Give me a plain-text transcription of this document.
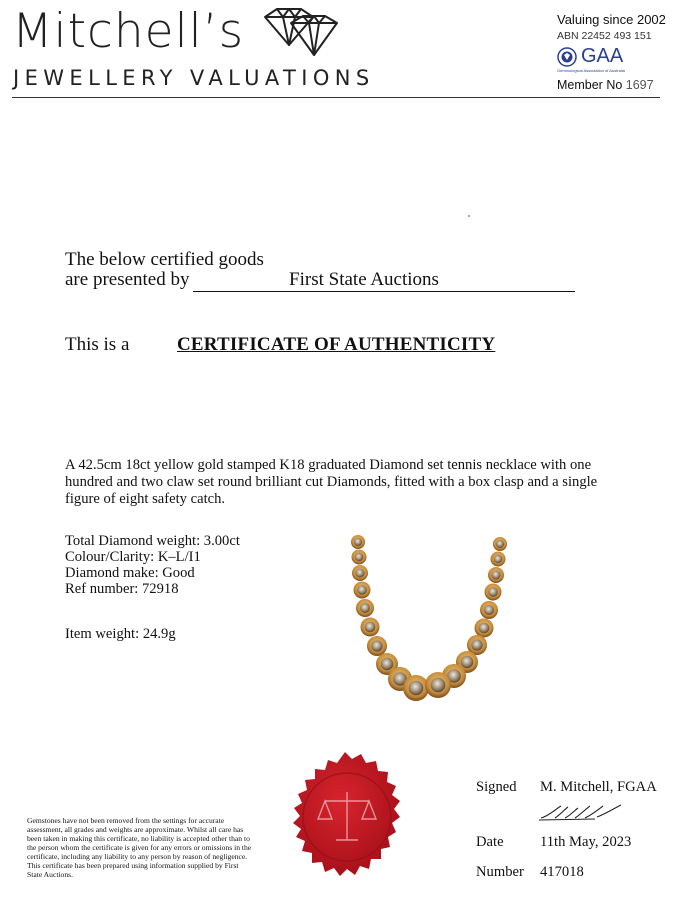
Mitchell’s
JEWELLERY VALUATIONS
Valuing since 2002
ABN 22452 493 151
GAA
Gemmological Association of Australia
Member No 1697
The below certified goods
are presented by	First State Auctions
This is a	CERTIFICATE OF AUTHENTICITY
A 42.5cm 18ct yellow gold stamped K18 graduated Diamond set tennis necklace with one hundred and two claw set round brilliant cut Diamonds, fitted with a box clasp and a single figure of eight safety catch.
Total Diamond weight: 3.00ct
Colour/Clarity: K–L/I1
Diamond make: Good
Ref number: 72918
Item weight: 24.9g
Gemstones have not been removed from the settings for accurate assessment, all grades and weights are approximate. Whilst all care has been taken in making this certificate, no liability is accepted other than to the person whom the certificate is given for any errors or omissions in the certificate, including any liability to any person by reason of negligence. This certificate has been prepared using information supplied by First State Auctions.
Signed M. Mitchell, FGAA
Date 11th May, 2023
Number 417018
